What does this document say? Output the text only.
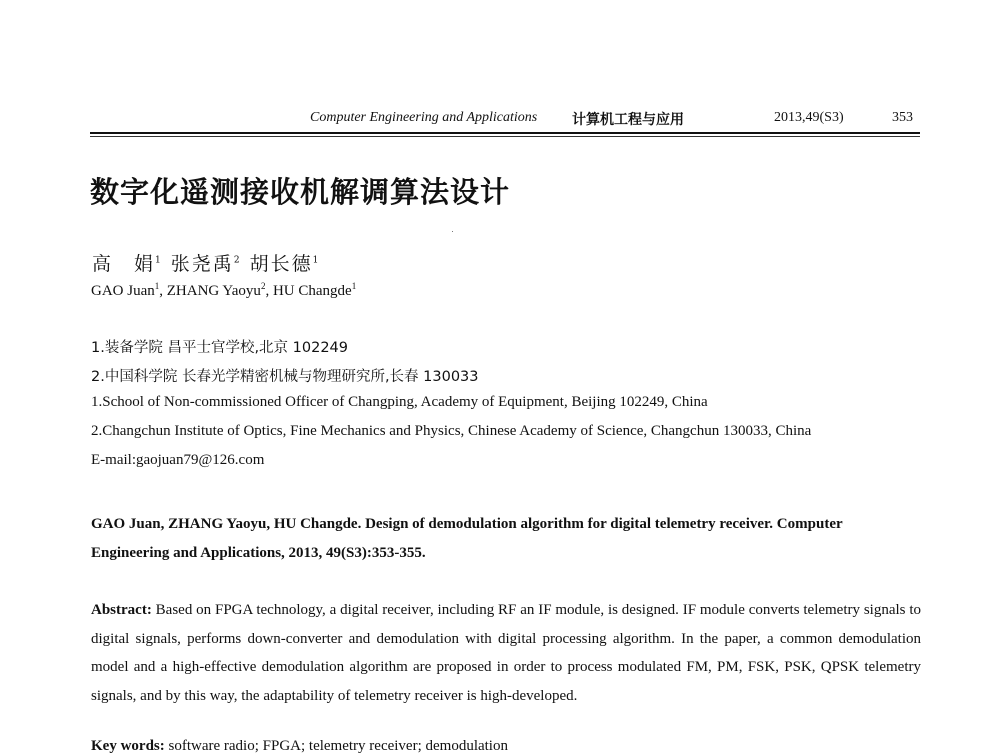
Computer Engineering and Applications 计算机工程与应用	2013,49(S3)	353
数字化遥测接收机解调算法设计
高　娟$^1$ 张尧禹$^2$ 胡长德$^1$
GAO Juan$^1$, ZHANG Yaoyu$^2$, HU Changde$^1$
1.装备学院 昌平士官学校,北京 102249
2.中国科学院 长春光学精密机械与物理研究所,长春 130033
1.School of Non-commissioned Officer of Changping, Academy of Equipment, Beijing 102249, China
2.Changchun Institute of Optics, Fine Mechanics and Physics, Chinese Academy of Science, Changchun 130033, China
E-mail:gaojuan79@126.com
GAO Juan, ZHANG Yaoyu, HU Changde. Design of demodulation algorithm for digital telemetry receiver. Computer Engineering and Applications, 2013, 49(S3):353-355.
Abstract: Based on FPGA technology, a digital receiver, including RF an IF module, is designed. IF module converts telemetry signals to digital signals, performs down-converter and demodulation with digital processing algorithm. In the paper, a common demodulation model and a high-effective demodulation algorithm are proposed in order to process modulated FM, PM, FSK, PSK, QPSK telemetry signals, and by this way, the adaptability of telemetry receiver is high-developed.
Key words: software radio; FPGA; telemetry receiver; demodulation
